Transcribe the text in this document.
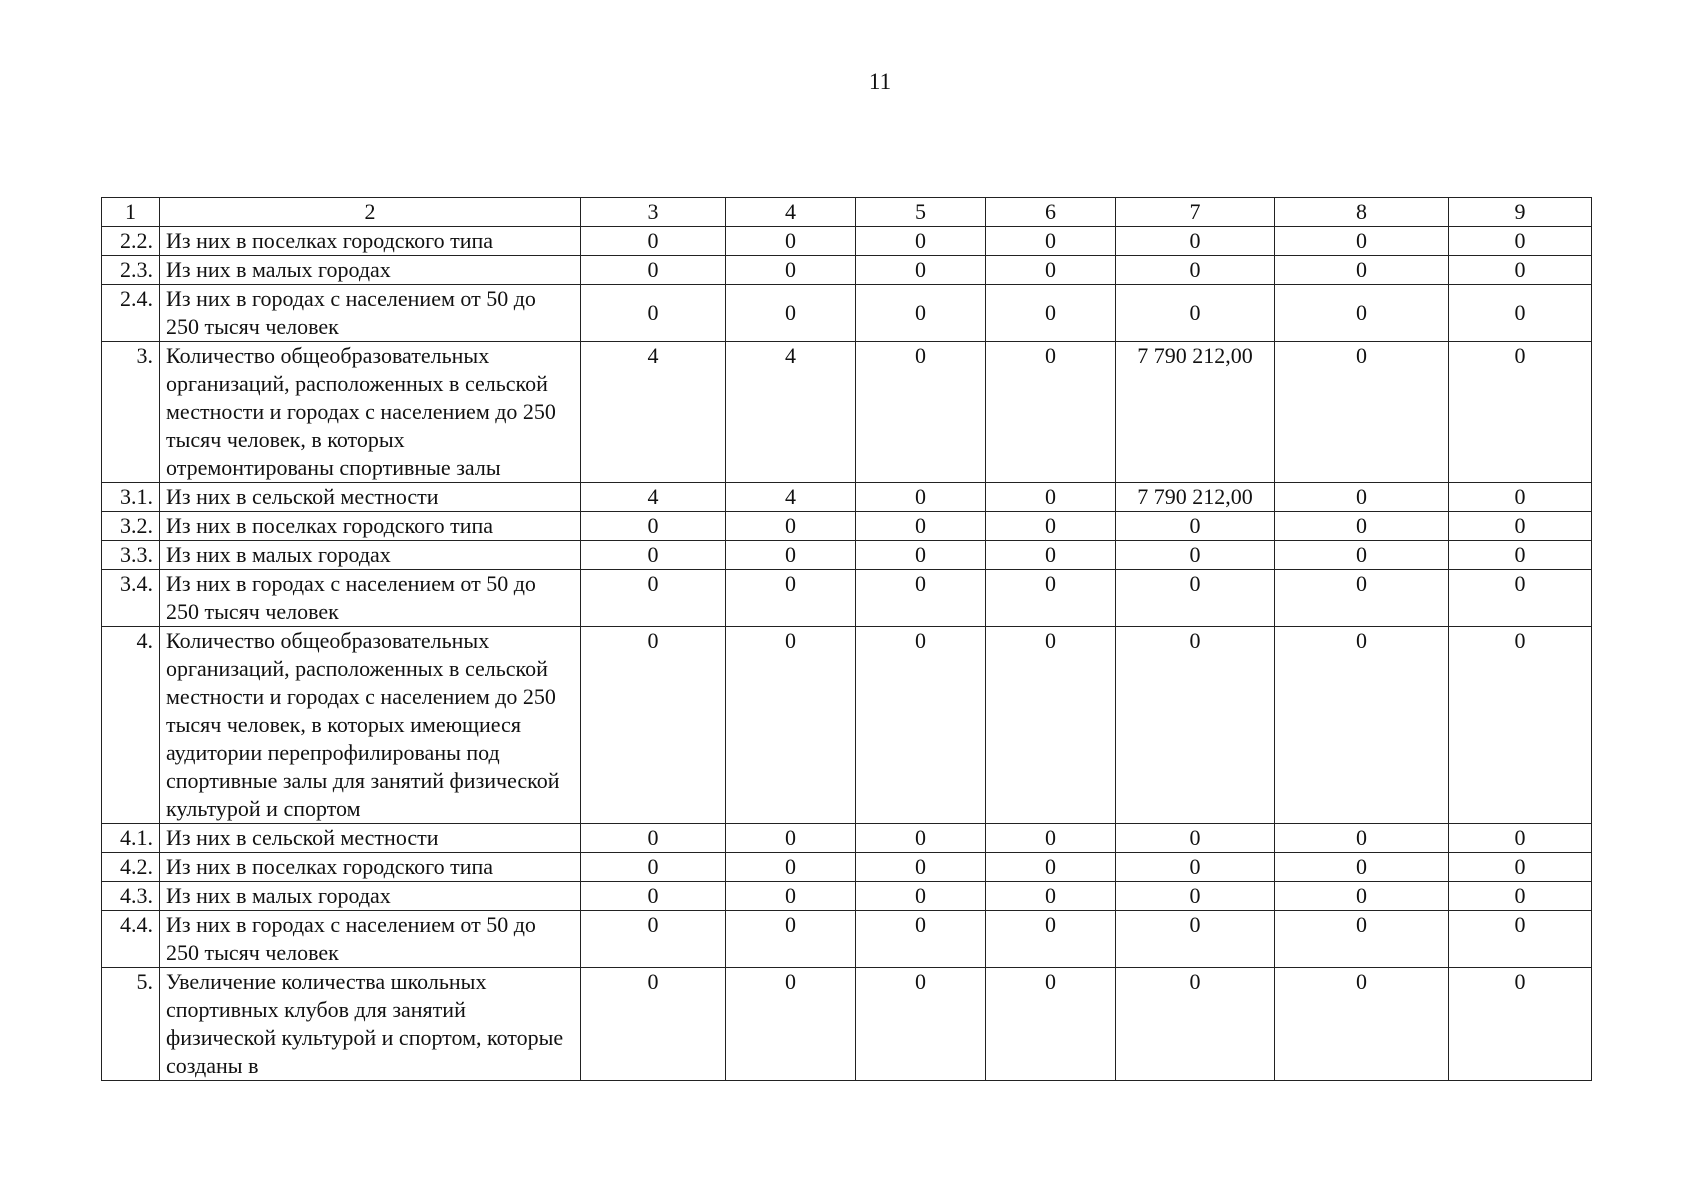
11
1	2	3	4	5	6	7	8	9
2.2.	Из них в поселках городского типа	0	0	0	0	0	0	0
2.3.	Из них в малых городах	0	0	0	0	0	0	0
2.4.	Из них в городах с населением от 50 до 250 тысяч человек	0	0	0	0	0	0	0
3.	Количество общеобразовательных организаций, расположенных в сельской местности и городах с населением до 250 тысяч человек, в которых отремонтированы спортивные залы	4	4	0	0	7 790 212,00	0	0
3.1.	Из них в сельской местности	4	4	0	0	7 790 212,00	0	0
3.2.	Из них в поселках городского типа	0	0	0	0	0	0	0
3.3.	Из них в малых городах	0	0	0	0	0	0	0
3.4.	Из них в городах с населением от 50 до 250 тысяч человек	0	0	0	0	0	0	0
4.	Количество общеобразовательных организаций, расположенных в сельской местности и городах с населением до 250 тысяч человек, в которых имеющиеся аудитории перепрофилированы под спортивные залы для занятий физической культурой и спортом	0	0	0	0	0	0	0
4.1.	Из них в сельской местности	0	0	0	0	0	0	0
4.2.	Из них в поселках городского типа	0	0	0	0	0	0	0
4.3.	Из них в малых городах	0	0	0	0	0	0	0
4.4.	Из них в городах с населением от 50 до 250 тысяч человек	0	0	0	0	0	0	0
5.	Увеличение количества школьных спортивных клубов для занятий физической культурой и спортом, которые созданы в	0	0	0	0	0	0	0
